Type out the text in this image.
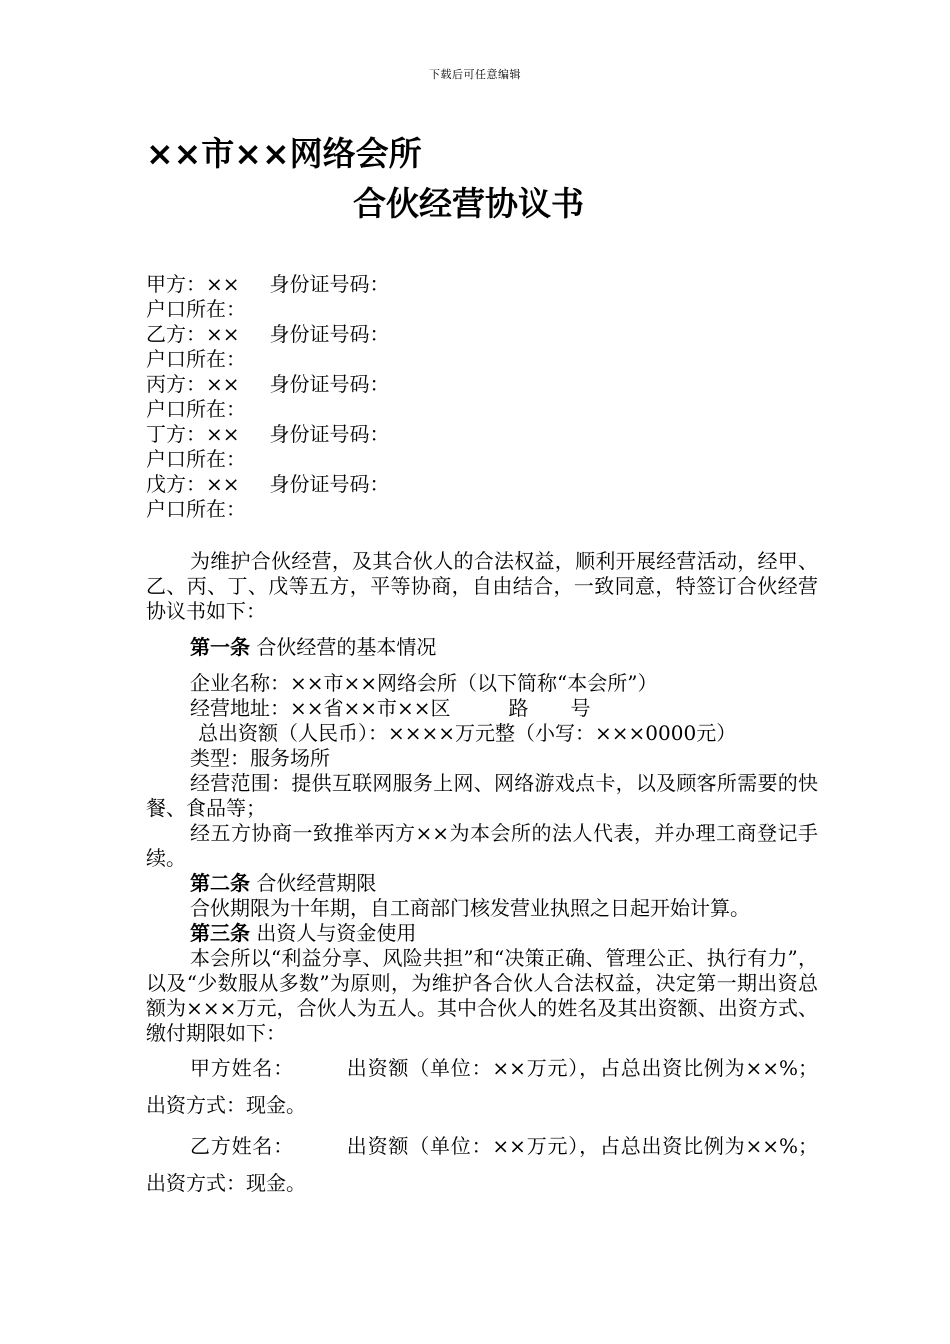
下载后可任意编辑
××市××网络会所
合伙经营协议书
甲方：×× 身份证号码：
户口所在：
乙方：×× 身份证号码：
户口所在：
丙方：×× 身份证号码：
户口所在：
丁方：×× 身份证号码：
户口所在：
戊方：×× 身份证号码：
户口所在：
为维护合伙经营，及其合伙人的合法权益，顺利开展经营活动，经甲、乙、丙、丁、戊等五方，平等协商，自由结合，一致同意，特签订合伙经营协议书如下：
第一条 合伙经营的基本情况
企业名称：××市××网络会所（以下简称“本会所”）
经营地址：××省××市××区	路 号
总出资额（人民币）：××××万元整（小写：×××0000元）
类型：服务场所
经营范围：提供互联网服务上网、网络游戏点卡，以及顾客所需要的快餐、食品等；
经五方协商一致推举丙方××为本会所的法人代表，并办理工商登记手续。
第二条 合伙经营期限
合伙期限为十年期，自工商部门核发营业执照之日起开始计算。
第三条 出资人与资金使用
本会所以“利益分享、风险共担”和“决策正确、管理公正、执行有力”，以及“少数服从多数”为原则，为维护各合伙人合法权益，决定第一期出资总额为×××万元，合伙人为五人。其中合伙人的姓名及其出资额、出资方式、缴付期限如下：
甲方姓名：	出资额（单位：××万元），占总出资比例为××%；出资方式：现金。
乙方姓名：	出资额（单位：××万元），占总出资比例为××%；出资方式：现金。
